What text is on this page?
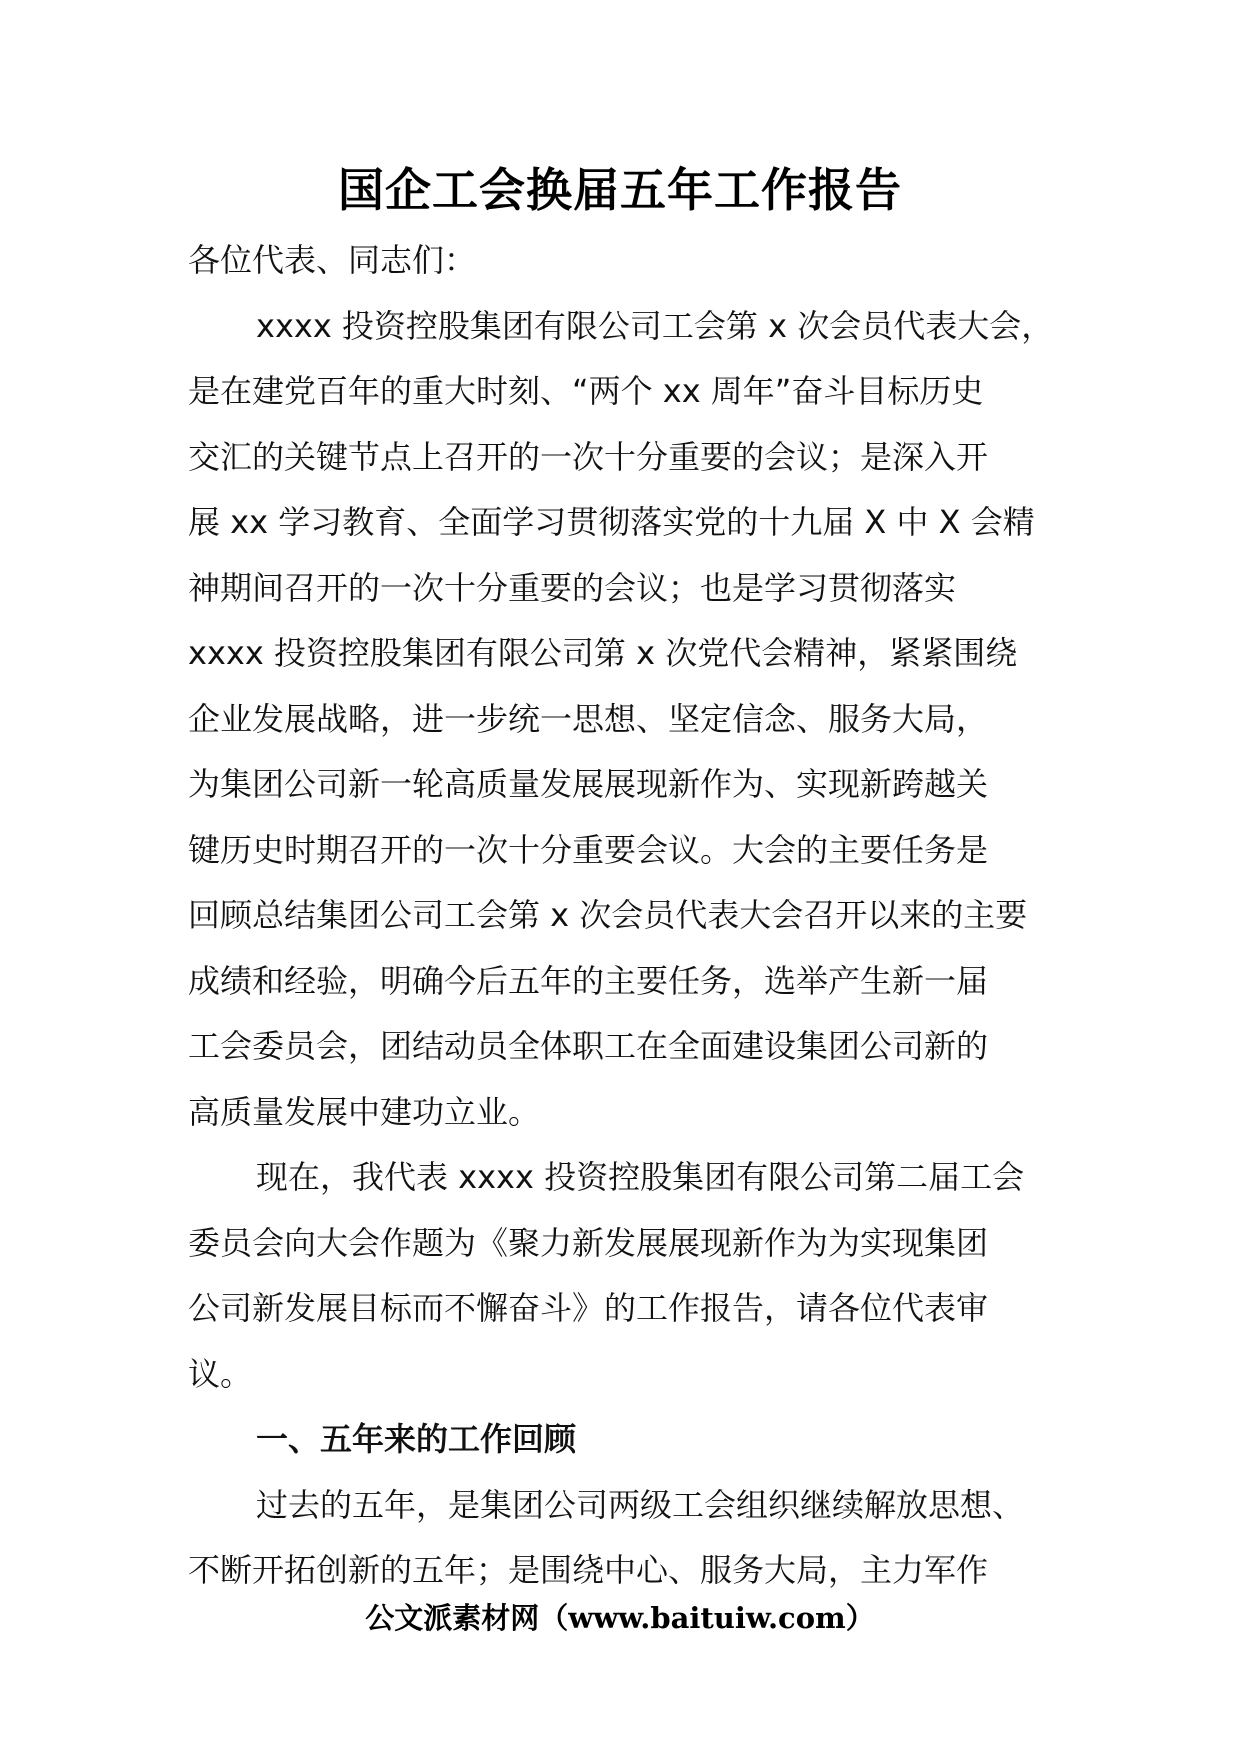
国企工会换届五年工作报告
各位代表、同志们：
xxxx 投资控股集团有限公司工会第 x 次会员代表大会，
是在建党百年的重大时刻、“两个 xx 周年”奋斗目标历史
交汇的关键节点上召开的一次十分重要的会议；是深入开
展 xx 学习教育、全面学习贯彻落实党的十九届 X 中 X 会精
神期间召开的一次十分重要的会议；也是学习贯彻落实
xxxx 投资控股集团有限公司第 x 次党代会精神，紧紧围绕
企业发展战略，进一步统一思想、坚定信念、服务大局，
为集团公司新一轮高质量发展展现新作为、实现新跨越关
键历史时期召开的一次十分重要会议。大会的主要任务是
回顾总结集团公司工会第 x 次会员代表大会召开以来的主要
成绩和经验，明确今后五年的主要任务，选举产生新一届
工会委员会，团结动员全体职工在全面建设集团公司新的
高质量发展中建功立业。
现在，我代表 xxxx 投资控股集团有限公司第二届工会
委员会向大会作题为《聚力新发展展现新作为为实现集团
公司新发展目标而不懈奋斗》的工作报告，请各位代表审
议。
一、五年来的工作回顾
过去的五年，是集团公司两级工会组织继续解放思想、
不断开拓创新的五年；是围绕中心、服务大局，主力军作
公文派素材网（www.baituiw.com）
